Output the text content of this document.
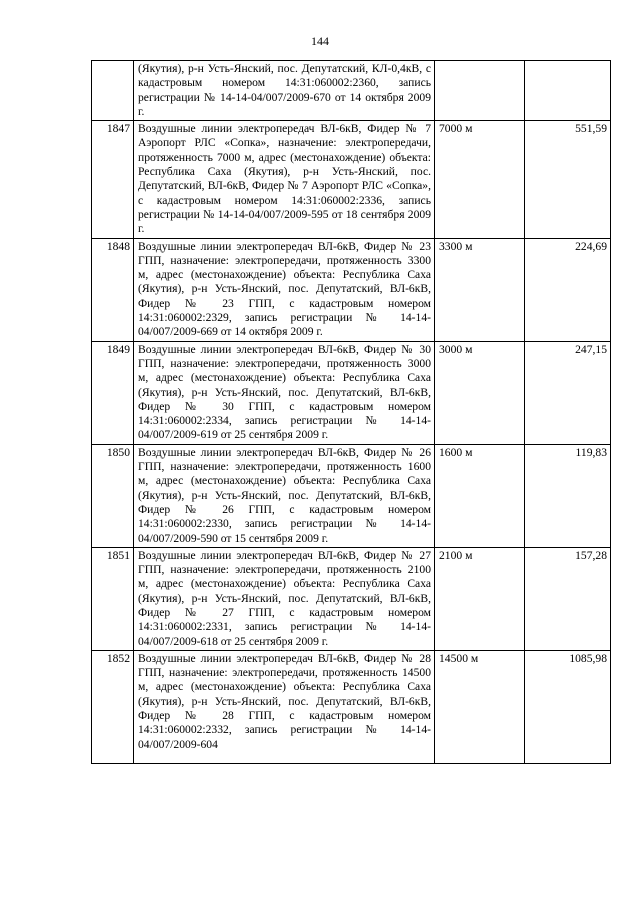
144
	(Якутия), р-н Усть-Янский, пос. Депутатский, КЛ-0,4кВ, с кадастровым номером 14:31:060002:2360, запись регистрации № 14-14-04/007/2009-670 от 14 октября 2009 г.		
1847	Воздушные линии электропередач ВЛ-6кВ, Фидер № 7 Аэропорт РЛС «Сопка», назначение: электропередачи, протяженность 7000 м, адрес (местонахождение) объекта: Республика Саха (Якутия), р-н Усть-Янский, пос. Депутатский, ВЛ-6кВ, Фидер № 7 Аэропорт РЛС «Сопка», с кадастровым номером 14:31:060002:2336, запись регистрации № 14-14-04/007/2009-595 от 18 сентября 2009 г.	7000 м	551,59
1848	Воздушные линии электропередач ВЛ-6кВ, Фидер № 23 ГПП, назначение: электропередачи, протяженность 3300 м, адрес (местонахождение) объекта: Республика Саха (Якутия), р-н Усть-Янский, пос. Депутатский, ВЛ-6кВ, Фидер № 23 ГПП, с кадастровым номером 14:31:060002:2329, запись регистрации № 14-14-04/007/2009-669 от 14 октября 2009 г.	3300 м	224,69
1849	Воздушные линии электропередач ВЛ-6кВ, Фидер № 30 ГПП, назначение: электропередачи, протяженность 3000 м, адрес (местонахождение) объекта: Республика Саха (Якутия), р-н Усть-Янский, пос. Депутатский, ВЛ-6кВ, Фидер № 30 ГПП, с кадастровым номером 14:31:060002:2334, запись регистрации № 14-14-04/007/2009-619 от 25 сентября 2009 г.	3000 м	247,15
1850	Воздушные линии электропередач ВЛ-6кВ, Фидер № 26 ГПП, назначение: электропередачи, протяженность 1600 м, адрес (местонахождение) объекта: Республика Саха (Якутия), р-н Усть-Янский, пос. Депутатский, ВЛ-6кВ, Фидер № 26 ГПП, с кадастровым номером 14:31:060002:2330, запись регистрации № 14-14-04/007/2009-590 от 15 сентября 2009 г.	1600 м	119,83
1851	Воздушные линии электропередач ВЛ-6кВ, Фидер № 27 ГПП, назначение: электропередачи, протяженность 2100 м, адрес (местонахождение) объекта: Республика Саха (Якутия), р-н Усть-Янский, пос. Депутатский, ВЛ-6кВ, Фидер № 27 ГПП, с кадастровым номером 14:31:060002:2331, запись регистрации № 14-14-04/007/2009-618 от 25 сентября 2009 г.	2100 м	157,28
1852	Воздушные линии электропередач ВЛ-6кВ, Фидер № 28 ГПП, назначение: электропередачи, протяженность 14500 м, адрес (местонахождение) объекта: Республика Саха (Якутия), р-н Усть-Янский, пос. Депутатский, ВЛ-6кВ, Фидер № 28 ГПП, с кадастровым номером 14:31:060002:2332, запись регистрации № 14-14-04/007/2009-604	14500 м	1085,98
